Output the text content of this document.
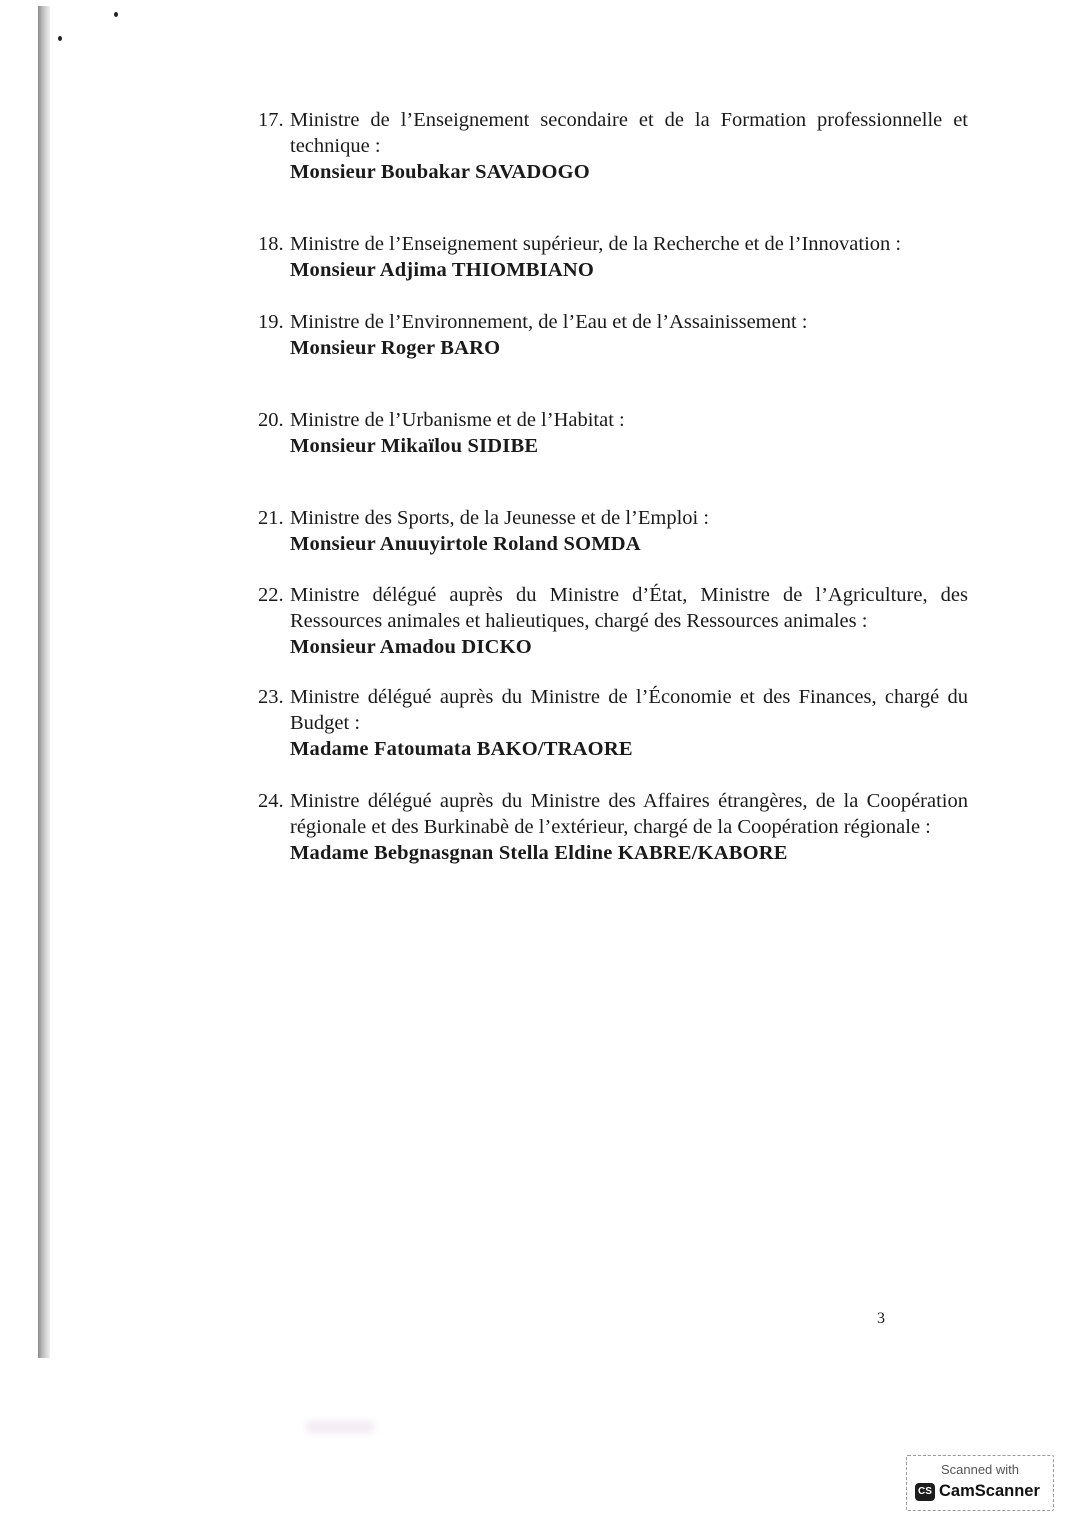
17. Ministre de l’Enseignement secondaire et de la Formation professionnelle et technique :
Monsieur Boubakar SAVADOGO
18. Ministre de l’Enseignement supérieur, de la Recherche et de l’Innovation :
Monsieur Adjima THIOMBIANO
19. Ministre de l’Environnement, de l’Eau et de l’Assainissement :
Monsieur Roger BARO
20. Ministre de l’Urbanisme et de l’Habitat :
Monsieur Mikaïlou SIDIBE
21. Ministre des Sports, de la Jeunesse et de l’Emploi :
Monsieur Anuuyirtole Roland SOMDA
22. Ministre délégué auprès du Ministre d’État, Ministre de l’Agriculture, des Ressources animales et halieutiques, chargé des Ressources animales :
Monsieur Amadou DICKO
23. Ministre délégué auprès du Ministre de l’Économie et des Finances, chargé du Budget :
Madame Fatoumata BAKO/TRAORE
24. Ministre délégué auprès du Ministre des Affaires étrangères, de la Coopération régionale et des Burkinabè de l’extérieur, chargé de la Coopération régionale :
Madame Bebgnasgnan Stella Eldine KABRE/KABORE
3
Scanned with
CS CamScanner
